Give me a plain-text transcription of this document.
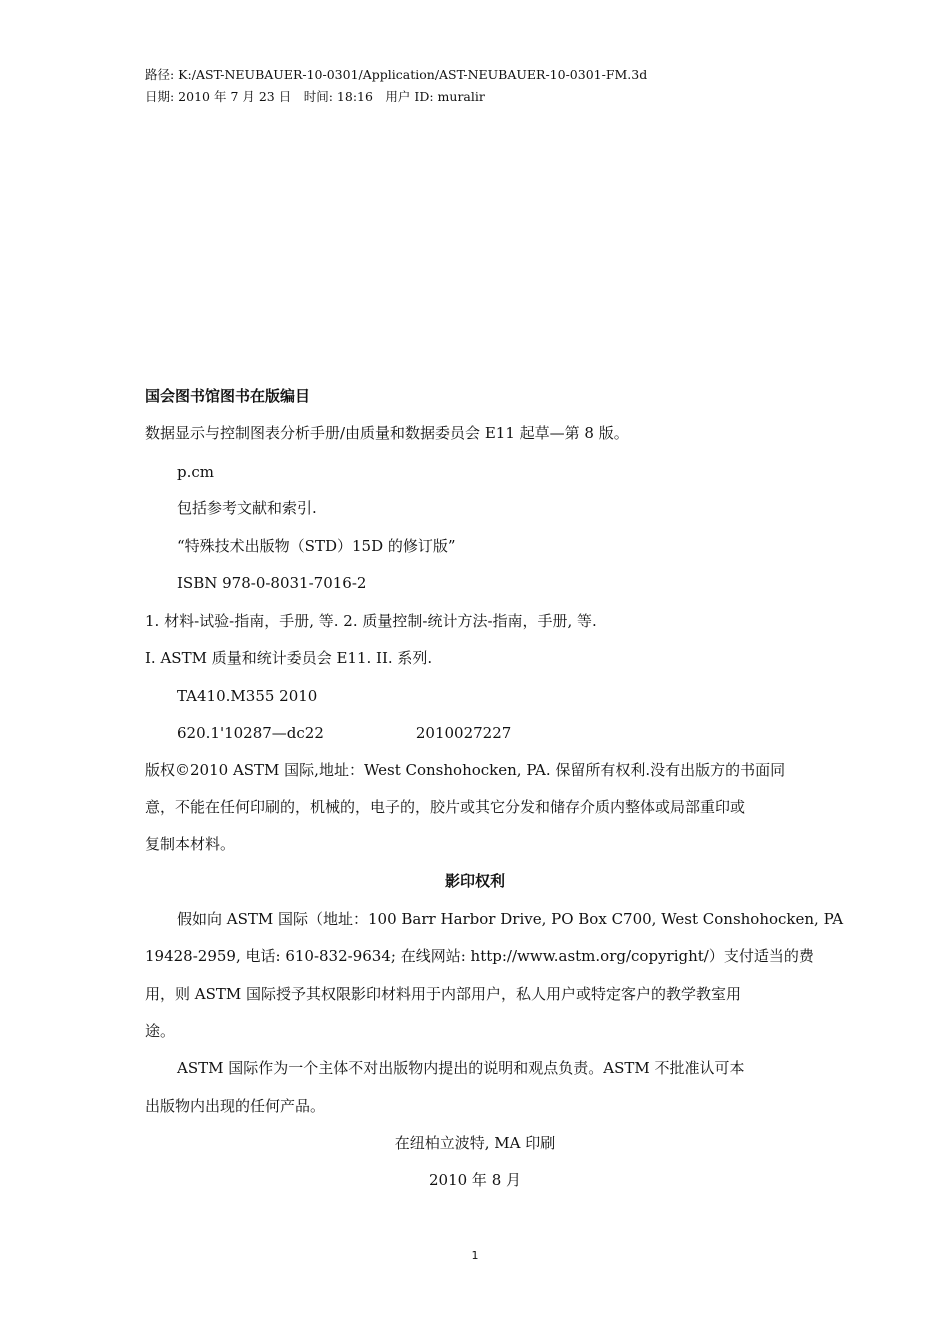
路径: K:/AST-NEUBAUER-10-0301/Application/AST-NEUBAUER-10-0301-FM.3d
日期: 2010 年 7 月 23 日　时间: 18:16　用户 ID: muralir
国会图书馆图书在版编目
数据显示与控制图表分析手册/由质量和数据委员会 E11 起草—第 8 版。
p.cm
包括参考文献和索引.
“特殊技术出版物（STD）15D 的修订版”
ISBN 978-0-8031-7016-2
1. 材料-试验-指南，手册, 等. 2. 质量控制-统计方法-指南，手册, 等.
I. ASTM 质量和统计委员会 E11. II. 系列.
TA410.M355 2010
620.1'10287—dc22	2010027227
版权©2010 ASTM 国际,地址：West Conshohocken, PA. 保留所有权利.没有出版方的书面同
意，不能在任何印刷的，机械的，电子的，胶片或其它分发和储存介质内整体或局部重印或
复制本材料。
影印权利
假如向 ASTM 国际（地址：100 Barr Harbor Drive, PO Box C700, West Conshohocken, PA
19428-2959, 电话: 610-832-9634; 在线网站: http://www.astm.org/copyright/）支付适当的费
用，则 ASTM 国际授予其权限影印材料用于内部用户，私人用户或特定客户的教学教室用
途。
ASTM 国际作为一个主体不对出版物内提出的说明和观点负责。ASTM 不批准认可本
出版物内出现的任何产品。
在纽柏立波特, MA 印刷
2010 年 8 月
1
